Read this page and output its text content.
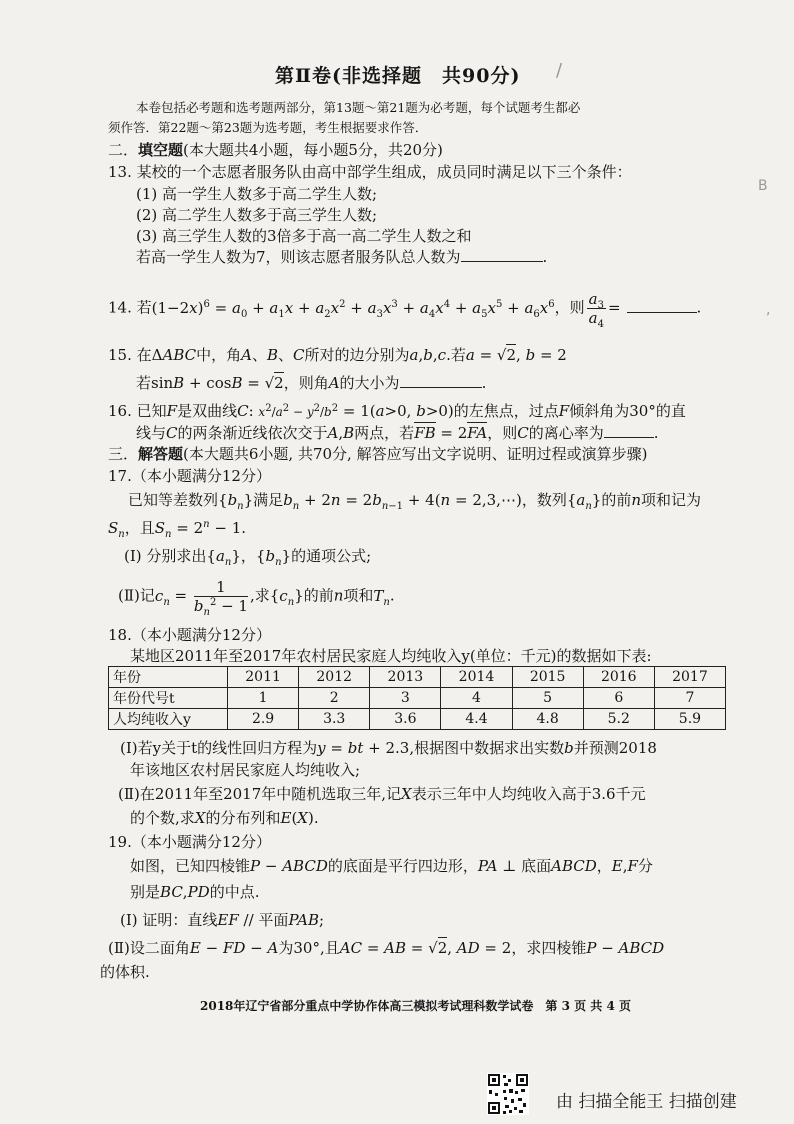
/
B
,
第Ⅱ卷(非选择题　共90分)
本卷包括必考题和选考题两部分，第13题～第21题为必考题，每个试题考生都必
须作答．第22题～第23题为选考题，考生根据要求作答．
二．填空题(本大题共4小题，每小题5分，共20分)
13. 某校的一个志愿者服务队由高中部学生组成，成员同时满足以下三个条件：
(1) 高一学生人数多于高二学生人数;
(2) 高二学生人数多于高三学生人数;
(3) 高三学生人数的3倍多于高一高二学生人数之和
若高一学生人数为7，则该志愿者服务队总人数为	.
14. 若$(1-2x)^6 = a_0 + a_1x + a_2x^2 + a_3x^3 + a_4x^4 + a_5x^5 + a_6x^6$，则 $\frac{a_3}{a_4}$ =	.
15. 在ΔABC中，角A、B、C所对的边分别为a,b,c.若a = √2, b = 2
若sinB + cosB = √2，则角A的大小为	.
16. 已知F是双曲线C: $x^2/a^2 - y^2/b^2 = 1(a>0$, b>0)的左焦点，过点F倾斜角为30°的直
线与C的两条渐近线依次交于A,B两点，若FB = 2FA，则C的离心率为	.
三．解答题(本大题共6小题, 共70分, 解答应写出文字说明、证明过程或演算步骤)
17.（本小题满分12分）
已知等差数列$\{b_n\}$满足$b_n + 2n = 2b_{n-1} + 4(n$ = 2,3,⋯)，数列$\{a_n\}$的前n项和记为
$S_n$，且$S_n = 2^n - 1$.
(Ⅰ) 分别求出$\{a_n\}$，$\{b_n\}$的通项公式;
(Ⅱ)记$c_n = \frac{1}{b_n^2 - 1}$ ,求$\{c_n\}$的前n项和$T_n$.
18.（本小题满分12分）
某地区2011年至2017年农村居民家庭人均纯收入y(单位：千元)的数据如下表:
年份	2011	2012	2013	2014	2015	2016	2017
年份代号t	1	2	3	4	5	6	7
人均纯收入y	2.9	3.3	3.6	4.4	4.8	5.2	5.9
(Ⅰ)若y关于t的线性回归方程为y = bt + 2.3,根据图中数据求出实数b并预测2018
年该地区农村居民家庭人均纯收入;
(Ⅱ)在2011年至2017年中随机选取三年,记X表示三年中人均纯收入高于3.6千元
的个数,求X的分布列和E(X).
19.（本小题满分12分）
如图，已知四棱锥P − ABCD的底面是平行四边形，PA ⊥ 底面ABCD，E,F分
别是BC,PD的中点.
(Ⅰ) 证明：直线EF // 平面PAB;
(Ⅱ)设二面角E − FD − A为30°,且AC = AB = √2, AD = 2，求四棱锥P − ABCD
的体积.
2018年辽宁省部分重点中学协作体高三模拟考试理科数学试卷　 第 3 页 共 4 页
由 扫描全能王 扫描创建
